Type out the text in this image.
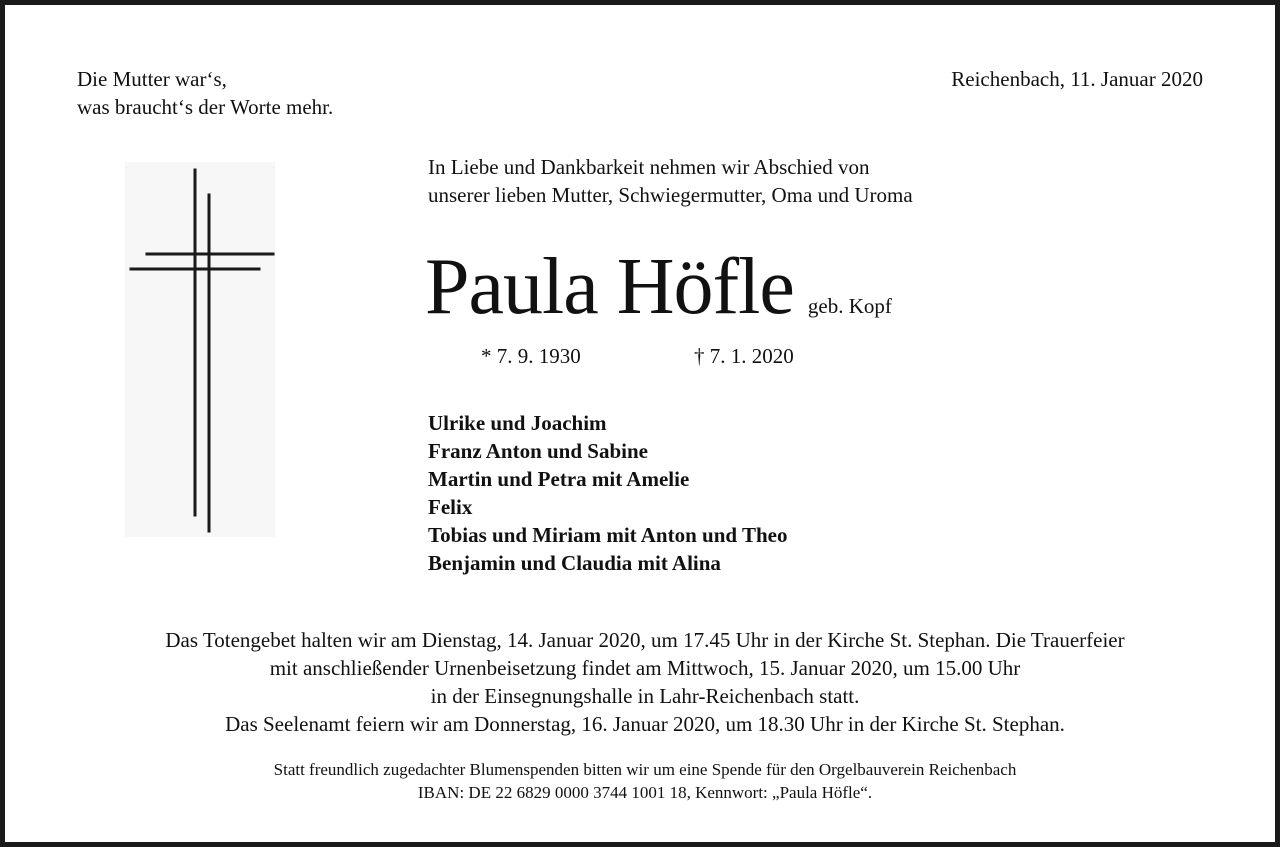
Die Mutter war‘s,
was braucht‘s der Worte mehr.
Reichenbach, 11. Januar 2020
In Liebe und Dankbarkeit nehmen wir Abschied von
unserer lieben Mutter, Schwiegermutter, Oma und Uroma
Paula Höfle geb. Kopf
* 7. 9. 1930	† 7. 1. 2020
Ulrike und Joachim
Franz Anton und Sabine
Martin und Petra mit Amelie
Felix
Tobias und Miriam mit Anton und Theo
Benjamin und Claudia mit Alina
Das Totengebet halten wir am Dienstag, 14. Januar 2020, um 17.45 Uhr in der Kirche St. Stephan. Die Trauerfeier
mit anschließender Urnenbeisetzung findet am Mittwoch, 15. Januar 2020, um 15.00 Uhr
in der Einsegnungshalle in Lahr-Reichenbach statt.
Das Seelenamt feiern wir am Donnerstag, 16. Januar 2020, um 18.30 Uhr in der Kirche St. Stephan.
Statt freundlich zugedachter Blumenspenden bitten wir um eine Spende für den Orgelbauverein Reichenbach
IBAN: DE 22 6829 0000 3744 1001 18, Kennwort: „Paula Höfle“.
